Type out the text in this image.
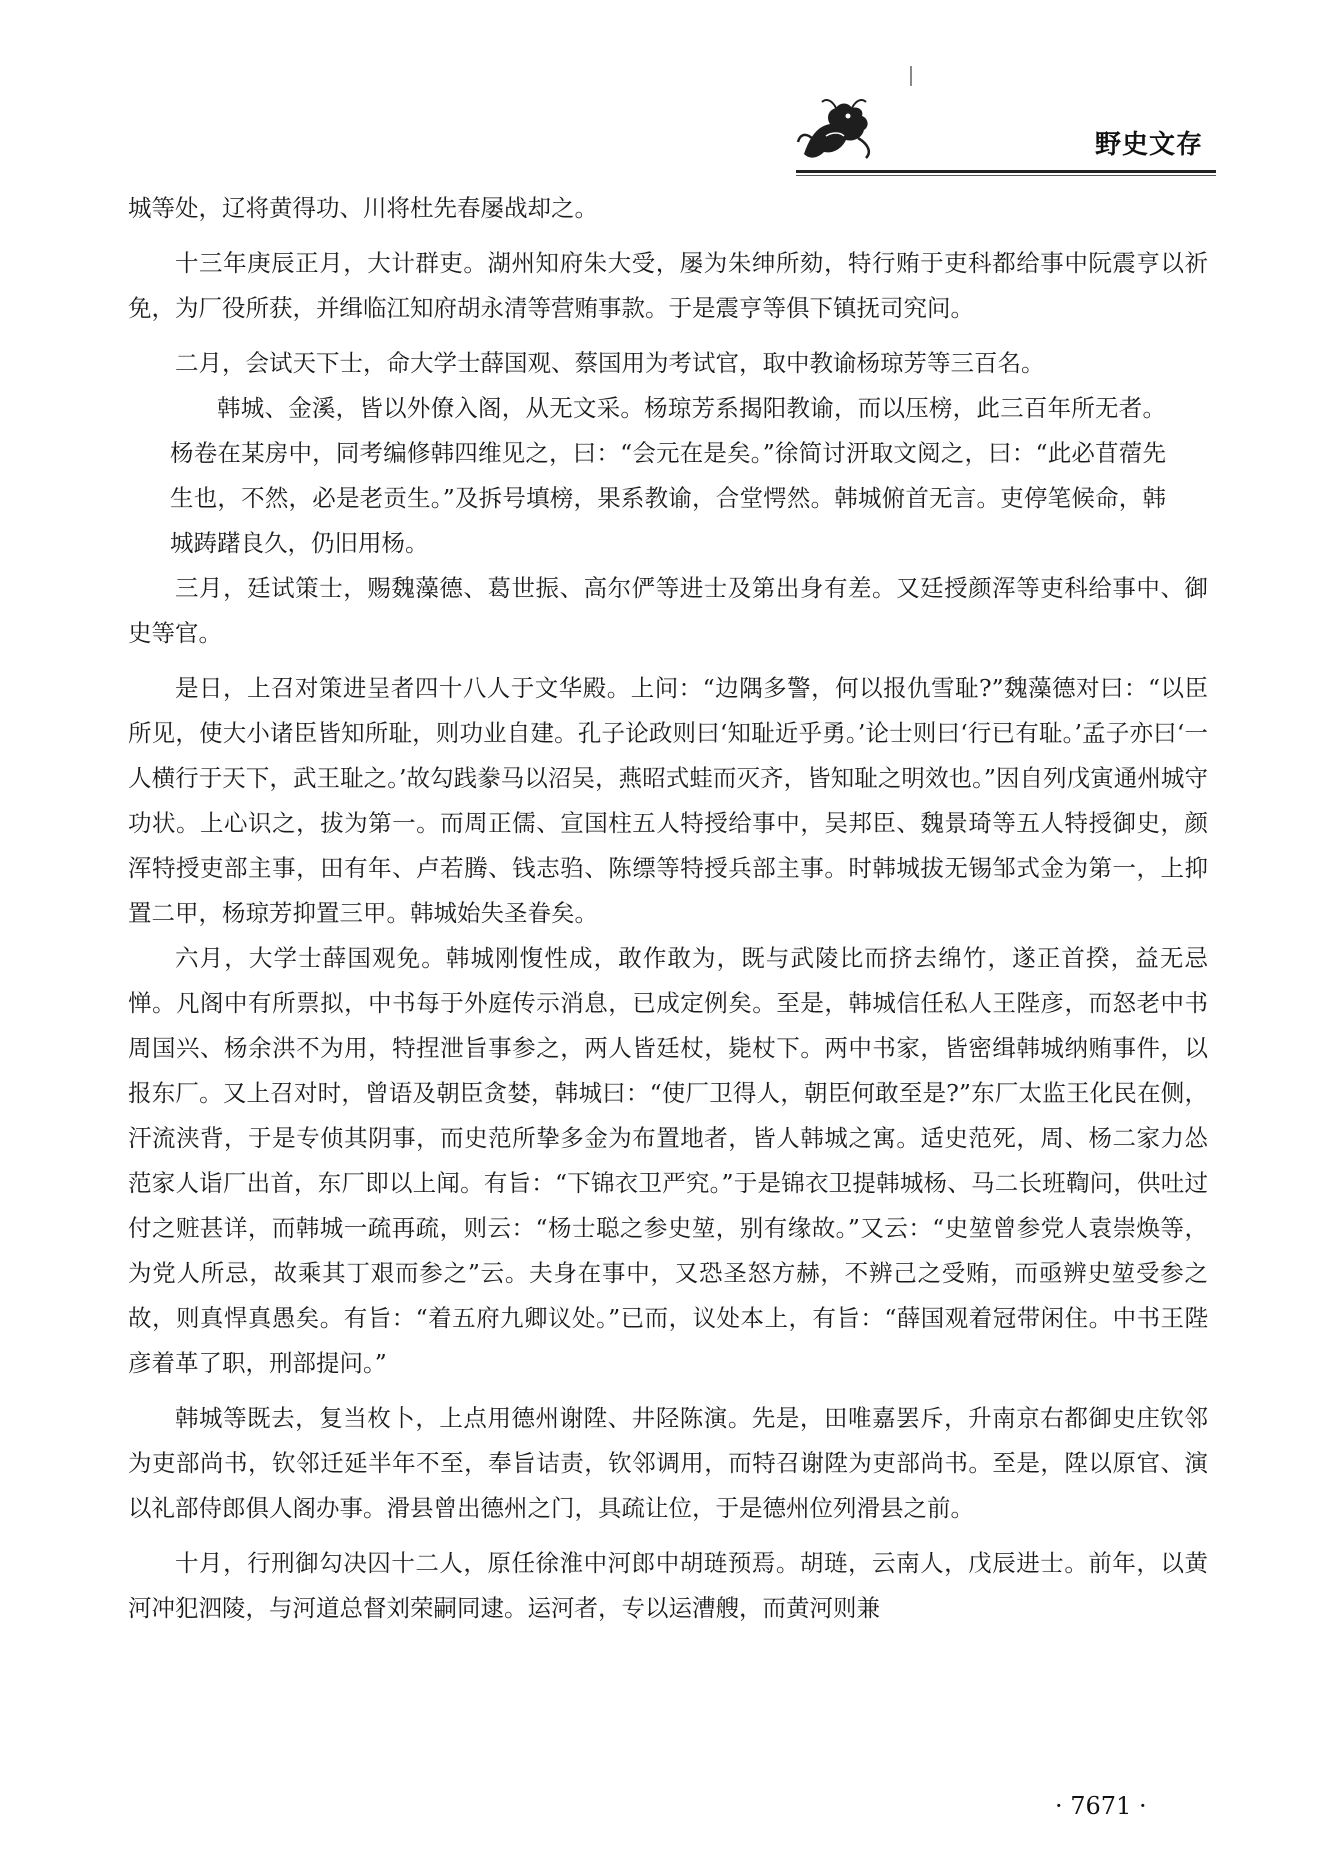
野史文存

城等处，辽将黄得功、川将杜先春屡战却之。

十三年庚辰正月，大计群吏。湖州知府朱大受，屡为朱绅所劾，特行贿于吏科都给事中阮震亨以祈免，为厂役所获，并缉临江知府胡永清等营贿事款。于是震亨等俱下镇抚司究问。

二月，会试天下士，命大学士薛国观、蔡国用为考试官，取中教谕杨琼芳等三百名。

韩城、金溪，皆以外僚入阁，从无文采。杨琼芳系揭阳教谕，而以压榜，此三百年所无者。杨卷在某房中，同考编修韩四维见之，曰：“会元在是矣。”徐简讨汧取文阅之，曰：“此必苜蓿先生也，不然，必是老贡生。”及拆号填榜，果系教谕，合堂愕然。韩城俯首无言。吏停笔候命，韩城踌躇良久，仍旧用杨。

三月，廷试策士，赐魏藻德、葛世振、高尔俨等进士及第出身有差。又廷授颜浑等吏科给事中、御史等官。

是日，上召对策进呈者四十八人于文华殿。上问：“边隅多警，何以报仇雪耻?”魏藻德对曰：“以臣所见，使大小诸臣皆知所耻，则功业自建。孔子论政则曰‘知耻近乎勇。’论士则曰‘行已有耻。’孟子亦曰‘一人横行于天下，武王耻之。’故勾践豢马以沼吴，燕昭式蛙而灭齐，皆知耻之明效也。”因自列戊寅通州城守功状。上心识之，拔为第一。而周正儒、宣国柱五人特授给事中，吴邦臣、魏景琦等五人特授御史，颜浑特授吏部主事，田有年、卢若腾、钱志驺、陈缥等特授兵部主事。时韩城拔无锡邹式金为第一，上抑置二甲，杨琼芳抑置三甲。韩城始失圣眷矣。

六月，大学士薛国观免。韩城刚愎性成，敢作敢为，既与武陵比而挤去绵竹，遂正首揆，益无忌惮。凡阁中有所票拟，中书每于外庭传示消息，已成定例矣。至是，韩城信任私人王陛彦，而怒老中书周国兴、杨余洪不为用，特捏泄旨事参之，两人皆廷杖，毙杖下。两中书家，皆密缉韩城纳贿事件，以报东厂。又上召对时，曾语及朝臣贪婪，韩城曰：“使厂卫得人，朝臣何敢至是?”东厂太监王化民在侧，汗流浃背，于是专侦其阴事，而史范所挚多金为布置地者，皆人韩城之寓。适史范死，周、杨二家力怂范家人诣厂出首，东厂即以上闻。有旨：“下锦衣卫严究。”于是锦衣卫提韩城杨、马二长班鞫问，供吐过付之赃甚详，而韩城一疏再疏，则云：“杨士聪之参史堃，别有缘故。”又云：“史堃曾参党人袁崇焕等，为党人所忌，故乘其丁艰而参之”云。夫身在事中，又恐圣怒方赫，不辨己之受贿，而亟辨史堃受参之故，则真悍真愚矣。有旨：“着五府九卿议处。”已而，议处本上，有旨：“薛国观着冠带闲住。中书王陛彦着革了职，刑部提问。”

韩城等既去，复当枚卜，上点用德州谢陞、井陉陈演。先是，田唯嘉罢斥，升南京右都御史庄钦邻为吏部尚书，钦邻迁延半年不至，奉旨诘责，钦邻调用，而特召谢陞为吏部尚书。至是，陞以原官、演以礼部侍郎俱人阁办事。滑县曾出德州之门，具疏让位，于是德州位列滑县之前。

十月，行刑御勾决囚十二人，原任徐淮中河郎中胡琏预焉。胡琏，云南人，戊辰进士。前年，以黄河冲犯泗陵，与河道总督刘荣嗣同逮。运河者，专以运漕艘，而黄河则兼

· 7671 ·
